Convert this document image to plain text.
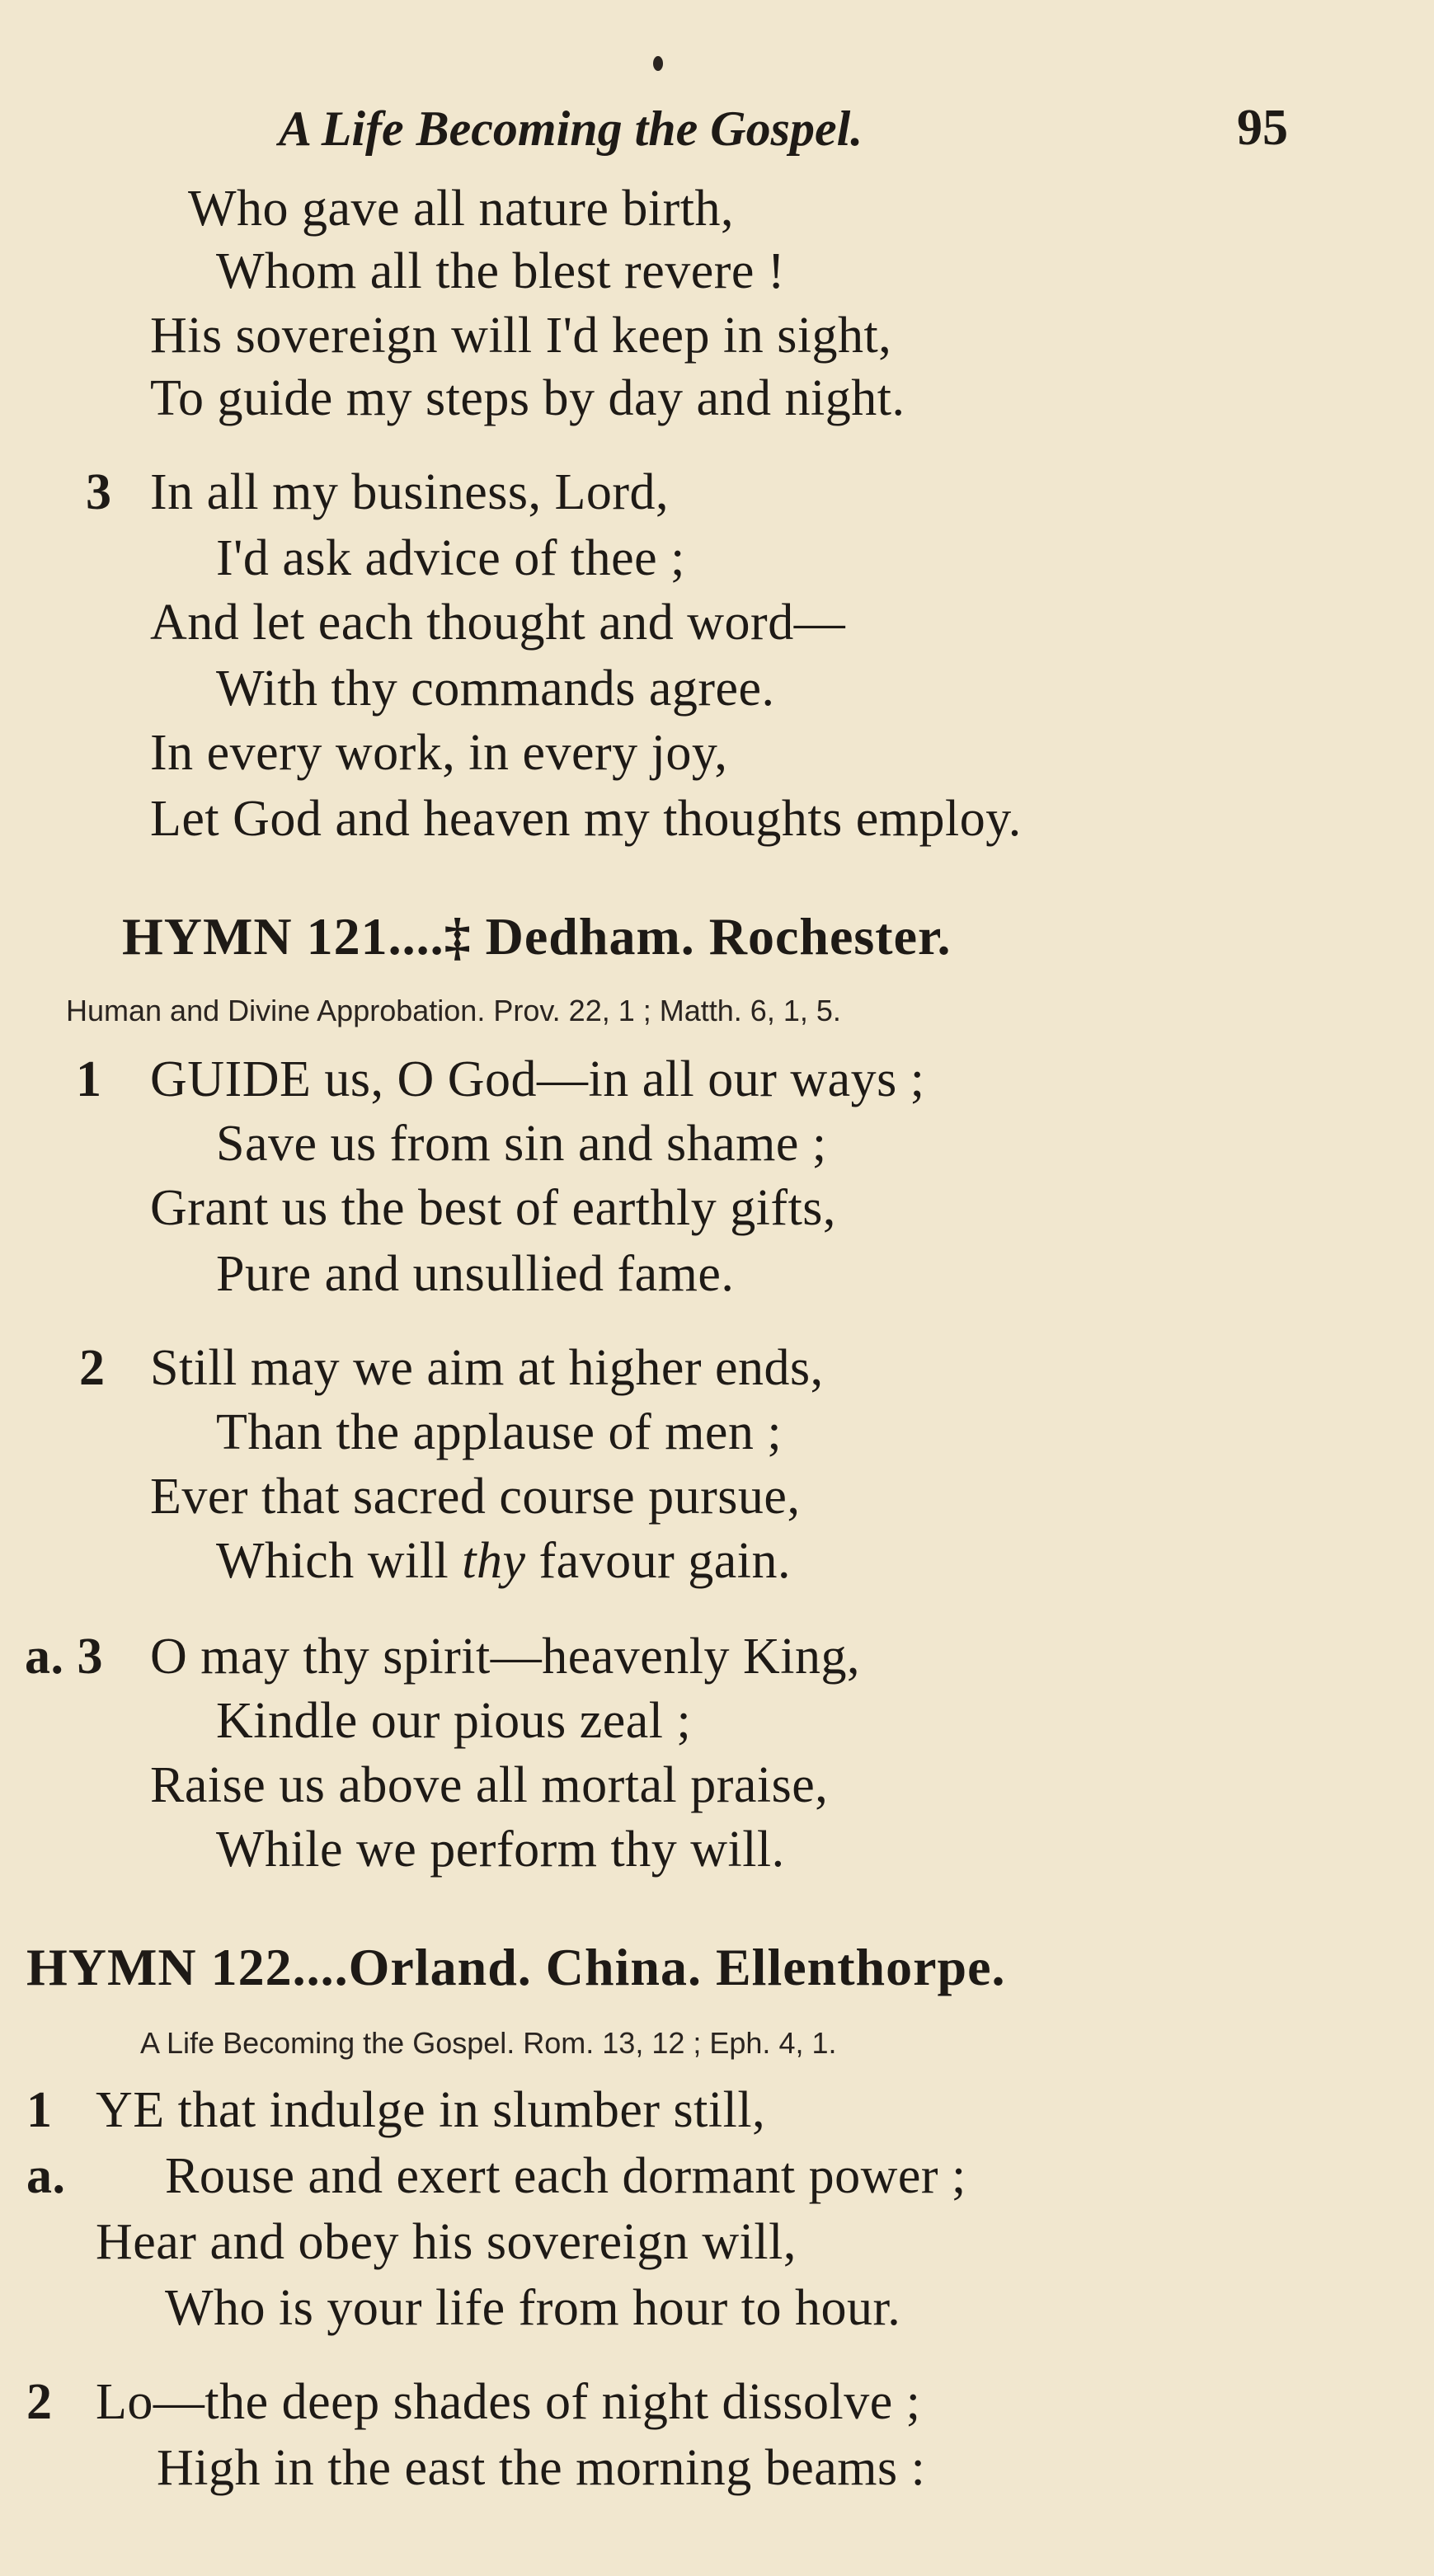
A Life Becoming the Gospel.	95
Who gave all nature birth,
Whom all the blest revere !
His sovereign will I'd keep in sight,
To guide my steps by day and night.
3 In all my business, Lord,
I'd ask advice of thee ;
And let each thought and word—
With thy commands agree.
In every work, in every joy,
Let God and heaven my thoughts employ.
HYMN 121....‡ Dedham. Rochester.
Human and Divine Approbation. Prov. 22, 1 ; Matth. 6, 1, 5.
1 GUIDE us, O God—in all our ways ;
Save us from sin and shame ;
Grant us the best of earthly gifts,
Pure and unsullied fame.
2 Still may we aim at higher ends,
Than the applause of men ;
Ever that sacred course pursue,
Which will thy favour gain.
a. 3 O may thy spirit—heavenly King,
Kindle our pious zeal ;
Raise us above all mortal praise,
While we perform thy will.
HYMN 122....Orland. China. Ellenthorpe.
A Life Becoming the Gospel. Rom. 13, 12 ; Eph. 4, 1.
1 YE that indulge in slumber still,
a. Rouse and exert each dormant power ;
Hear and obey his sovereign will,
Who is your life from hour to hour.
2 Lo—the deep shades of night dissolve ;
High in the east the morning beams :
